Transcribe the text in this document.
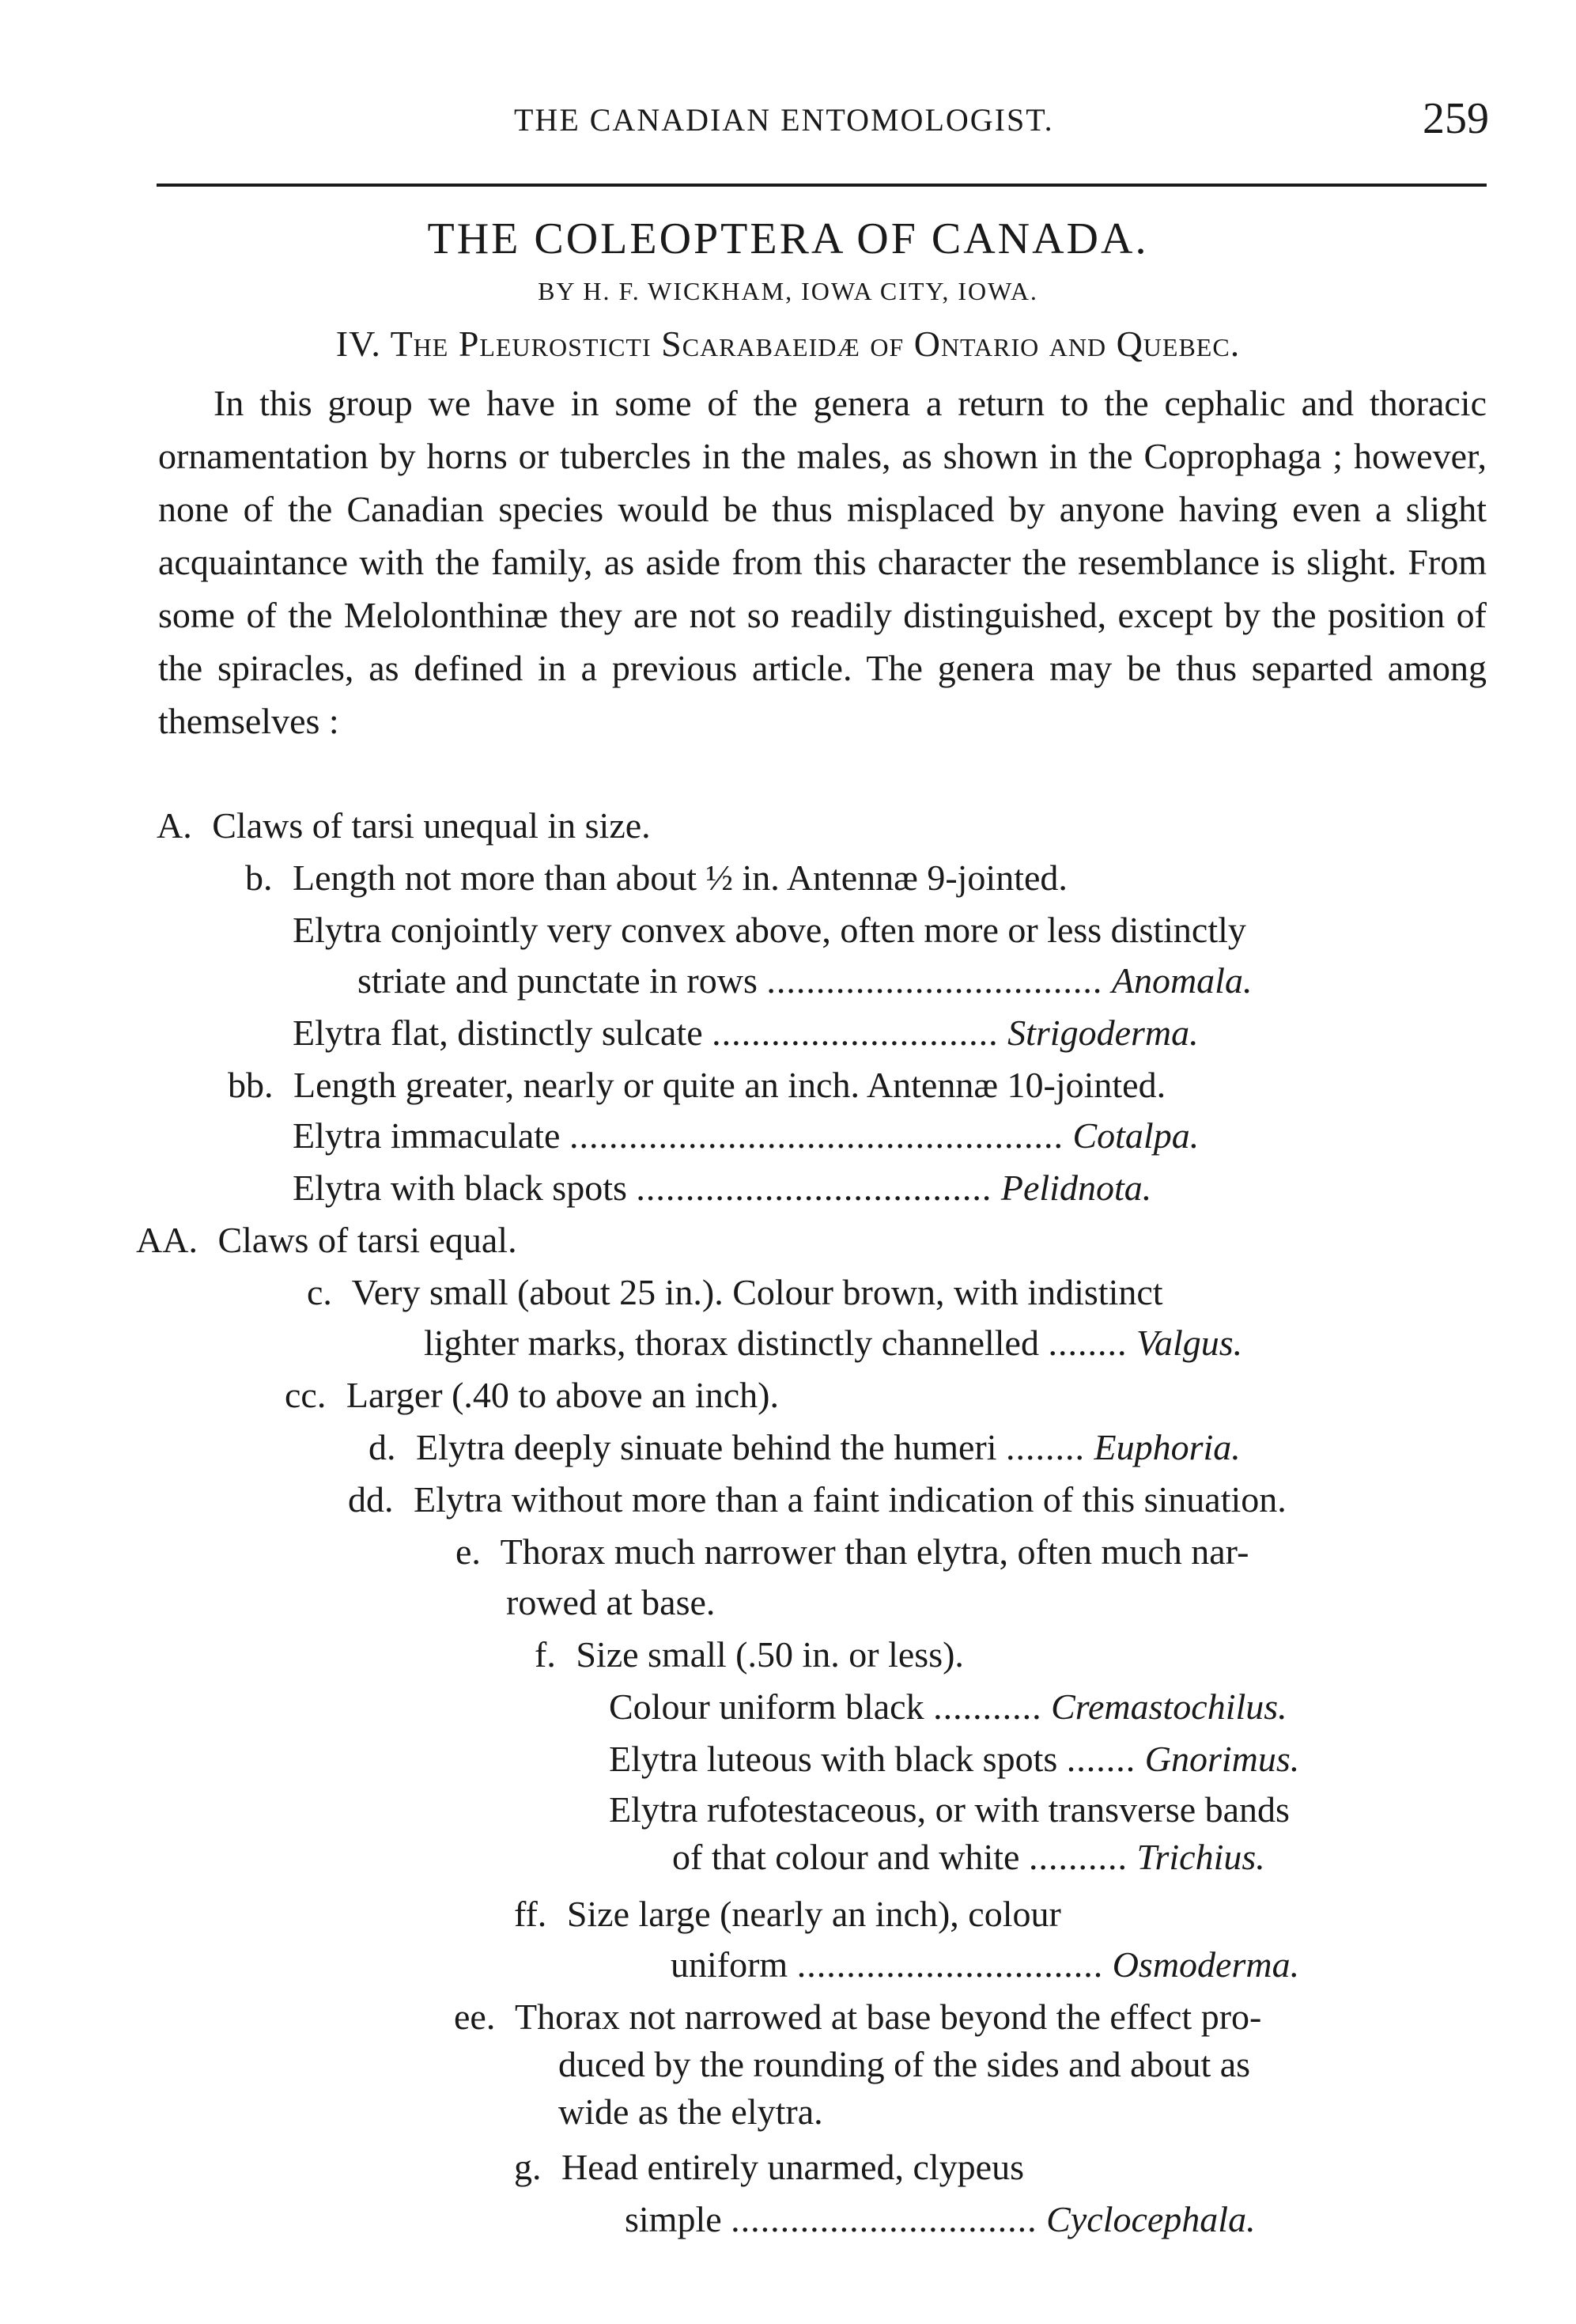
THE CANADIAN ENTOMOLOGIST.	259
THE COLEOPTERA OF CANADA.
BY H. F. WICKHAM, IOWA CITY, IOWA.
IV. The Pleurosticti Scarabaeidæ of Ontario and Quebec.

In this group we have in some of the genera a return to the cephalic and thoracic ornamentation by horns or tubercles in the males, as shown in the Coprophaga ; however, none of the Canadian species would be thus misplaced by anyone having even a slight acquaintance with the family, as aside from this character the resemblance is slight. From some of the Melolonthinæ they are not so readily distinguished, except by the position of the spiracles, as defined in a previous article. The genera may be thus separted among themselves :

A. Claws of tarsi unequal in size.
b. Length not more than about ½ in. Antennæ 9-jointed.
Elytra conjointly very convex above, often more or less distinctly
striate and punctate in rows .................................. Anomala.
Elytra flat, distinctly sulcate ............................. Strigoderma.
bb. Length greater, nearly or quite an inch. Antennæ 10-jointed.
Elytra immaculate .................................................. Cotalpa.
Elytra with black spots .................................... Pelidnota.
AA. Claws of tarsi equal.
c. Very small (about 25 in.). Colour brown, with indistinct
lighter marks, thorax distinctly channelled ........ Valgus.
cc. Larger (.40 to above an inch).
d. Elytra deeply sinuate behind the humeri ........ Euphoria.
dd. Elytra without more than a faint indication of this sinuation.
e. Thorax much narrower than elytra, often much nar-
rowed at base.
f. Size small (.50 in. or less).
Colour uniform black ........... Cremastochilus.
Elytra luteous with black spots ....... Gnorimus.
Elytra rufotestaceous, or with transverse bands
of that colour and white .......... Trichius.
ff. Size large (nearly an inch), colour
uniform ............................... Osmoderma.
ee. Thorax not narrowed at base beyond the effect pro-
duced by the rounding of the sides and about as
wide as the elytra.
g. Head entirely unarmed, clypeus
simple ............................... Cyclocephala.
